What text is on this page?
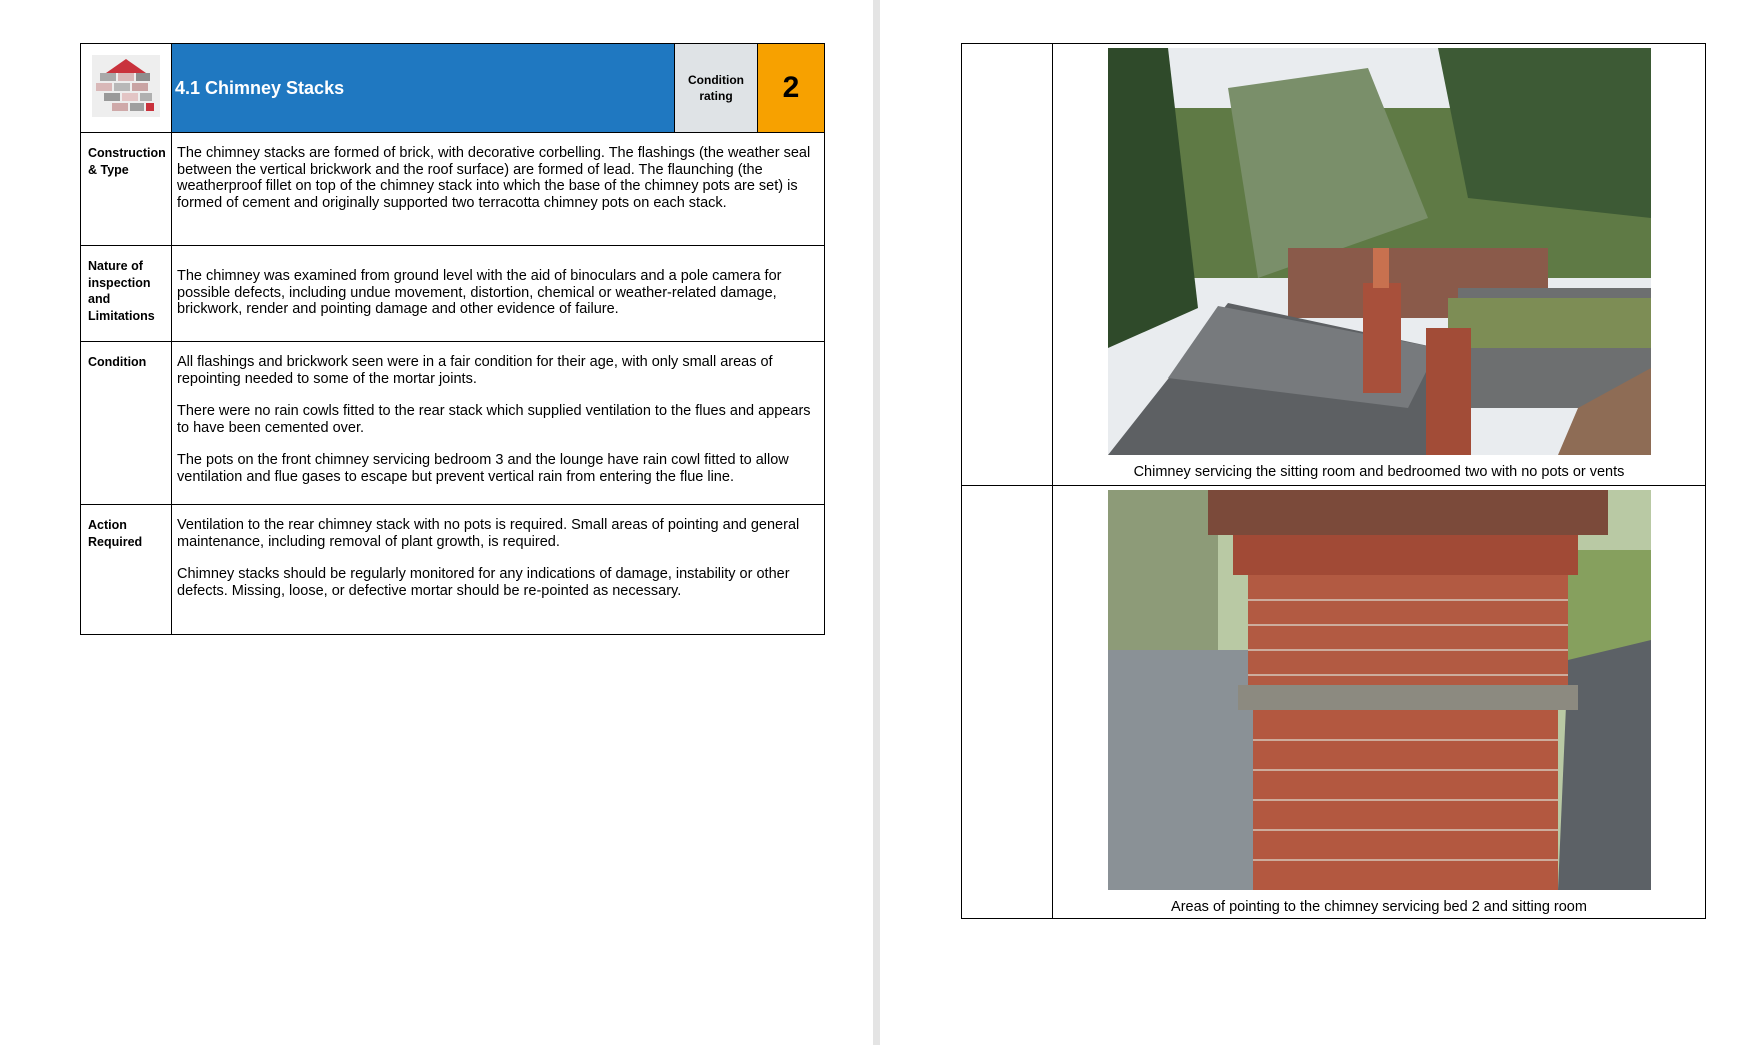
	4.1 Chimney Stacks	Condition rating	2
Construction & Type	The chimney stacks are formed of brick, with decorative corbelling. The flashings (the weather seal between the vertical brickwork and the roof surface) are formed of lead. The flaunching (the weatherproof fillet on top of the chimney stack into which the base of the chimney pots are set) is formed of cement and originally supported two terracotta chimney pots on each stack.		

Nature of inspection and Limitations	The chimney was examined from ground level with the aid of binoculars and a pole camera for possible defects, including undue movement, distortion, chemical or weather-related damage, brickwork, render and pointing damage and other evidence of failure.		

Condition	All flashings and brickwork seen were in a fair condition for their age, with only small areas of repointing needed to some of the mortar joints.

There were no rain cowls fitted to the rear stack which supplied ventilation to the flues and appears to have been cemented over.

The pots on the front chimney servicing bedroom 3 and the lounge have rain cowl fitted to allow ventilation and flue gases to escape but prevent vertical rain from entering the flue line.		

Action Required	Ventilation to the rear chimney stack with no pots is required. Small areas of pointing and general maintenance, including removal of plant growth, is required.

Chimney stacks should be regularly monitored for any indications of damage, instability or other defects. Missing, loose, or defective mortar should be re-pointed as necessary.		

	Chimney servicing the sitting room and bedroomed two with no pots or vents

	Areas of pointing to the chimney servicing bed 2 and sitting room
